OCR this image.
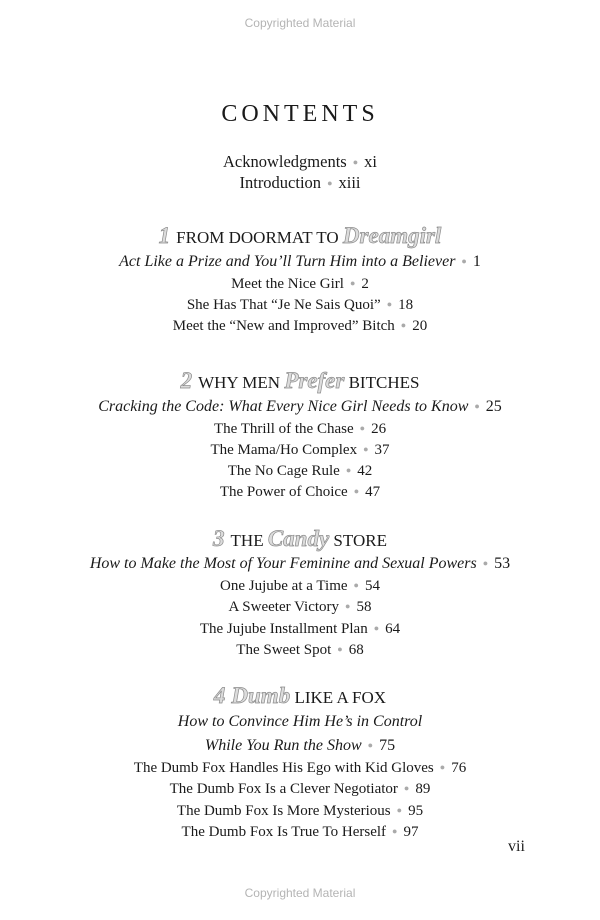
Copyrighted Material
CONTENTS
Acknowledgments ● xi
Introduction ● xiii
1 FROM DOORMAT TO Dreamgirl
Act Like a Prize and You’ll Turn Him into a Believer ● 1
Meet the Nice Girl ● 2
She Has That “Je Ne Sais Quoi” ● 18
Meet the “New and Improved” Bitch ● 20
2 WHY MEN Prefer BITCHES
Cracking the Code: What Every Nice Girl Needs to Know ● 25
The Thrill of the Chase ● 26
The Mama/Ho Complex ● 37
The No Cage Rule ● 42
The Power of Choice ● 47
3 THE Candy STORE
How to Make the Most of Your Feminine and Sexual Powers ● 53
One Jujube at a Time ● 54
A Sweeter Victory ● 58
The Jujube Installment Plan ● 64
The Sweet Spot ● 68
4 Dumb LIKE A FOX
How to Convince Him He’s in Control
While You Run the Show ● 75
The Dumb Fox Handles His Ego with Kid Gloves ● 76
The Dumb Fox Is a Clever Negotiator ● 89
The Dumb Fox Is More Mysterious ● 95
The Dumb Fox Is True To Herself ● 97
vii
Copyrighted Material
